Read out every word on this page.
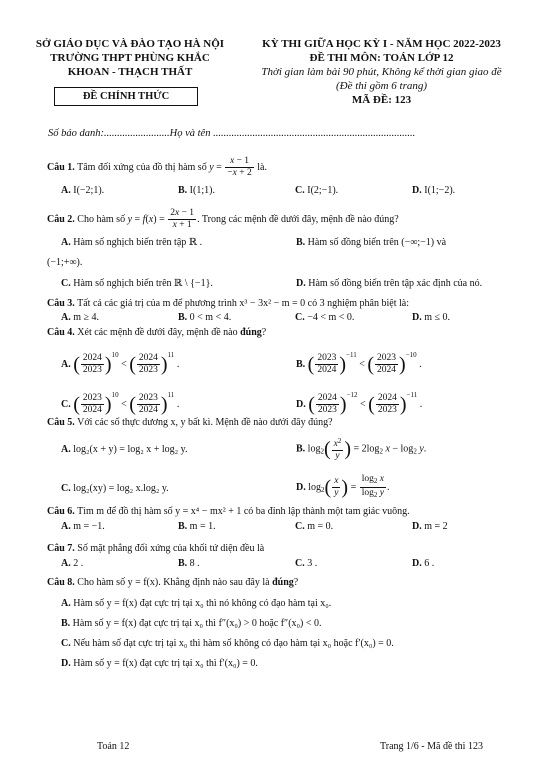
SỞ GIÁO DỤC VÀ ĐÀO TẠO HÀ NỘI
TRƯỜNG THPT PHÙNG KHẮC
KHOAN - THẠCH THẤT
ĐỀ CHÍNH THỨC
KỲ THI GIỮA HỌC KỲ I - NĂM HỌC 2022-2023
ĐỀ THI MÔN: TOÁN LỚP 12
Thời gian làm bài 90 phút, Không kể thời gian giao đề
(Đề thi gồm 6 trang)
MÃ ĐỀ: 123
Số báo danh:.........................Họ và tên .............................................................................
Câu 1. Tâm đối xứng của đồ thị hàm số $y = \frac{x - 1}{-x + 2}$ là.
A. I(−2;1).	B. I(1;1).	C. I(2;−1).	D. I(1;−2).
Câu 2. Cho hàm số $y = f(x) = \frac{2x - 1}{x + 1}$ . Trong các mệnh đề dưới đây, mệnh đề nào đúng?
A. Hàm số nghịch biến trên tập ℝ .	B. Hàm số đồng biến trên (−∞;−1) và
(−1;+∞).
C. Hàm số nghịch biến trên ℝ \ {−1}.	D. Hàm số đồng biến trên tập xác định của nó.
Câu 3. Tất cả các giá trị của m để phương trình x³ − 3x² − m = 0 có 3 nghiệm phân biệt là:
A. m ≥ 4.	B. 0 < m < 4.	C. −4 < m < 0.	D. m ≤ 0.
Câu 4. Xét các mệnh đề dưới đây, mệnh đề nào đúng?
A. ( $\frac{2024}{2023} )^{10}$ < ( $\frac{2024}{2023} )^{11}$ .	B. ( $\frac{2023}{2024} )^{-11}$ < ( $\frac{2023}{2024} )^{-10}$ .
C. ( $\frac{2023}{2024} )^{10}$ < ( $\frac{2023}{2024} )^{11}$ .	D. ( $\frac{2024}{2023} )^{-12}$ < ( $\frac{2024}{2023} )^{-11}$ .
Câu 5. Với các số thực dương x, y bất kì. Mệnh đề nào dưới đây đúng?
A. log₂(x + y) = log₂ x + log₂ y.	B. $\log_2( \frac{x^2}{y}$ ) = $2\log_2$ $x - \log_2 y$.
C. log₂(xy) = log₂ x.log₂ y.	D. $\log_2( \frac{x}{y}$ ) = $\frac{\log_2 x}{\log_2 y}$ .
Câu 6. Tìm m để đồ thị hàm số y = x⁴ − mx² + 1 có ba đỉnh lập thành một tam giác vuông.
A. m = −1.	B. m = 1.	C. m = 0.	D. m = 2
Câu 7. Số mặt phẳng đối xứng của khối tứ diện đều là
A. 2 .	B. 8 .	C. 3 .	D. 6 .
Câu 8. Cho hàm số y = f(x). Khẳng định nào sau đây là đúng?
A. Hàm số y = f(x) đạt cực trị tại x₀ thì nó không có đạo hàm tại x₀.
B. Hàm số y = f(x) đạt cực trị tại x₀ thì f″(x₀) > 0 hoặc f″(x₀) < 0.
C. Nếu hàm số đạt cực trị tại x₀ thì hàm số không có đạo hàm tại x₀ hoặc f′(x₀) = 0.
D. Hàm số y = f(x) đạt cực trị tại x₀ thì f′(x₀) = 0.
Toán 12	Trang 1/6 - Mã đề thi 123
